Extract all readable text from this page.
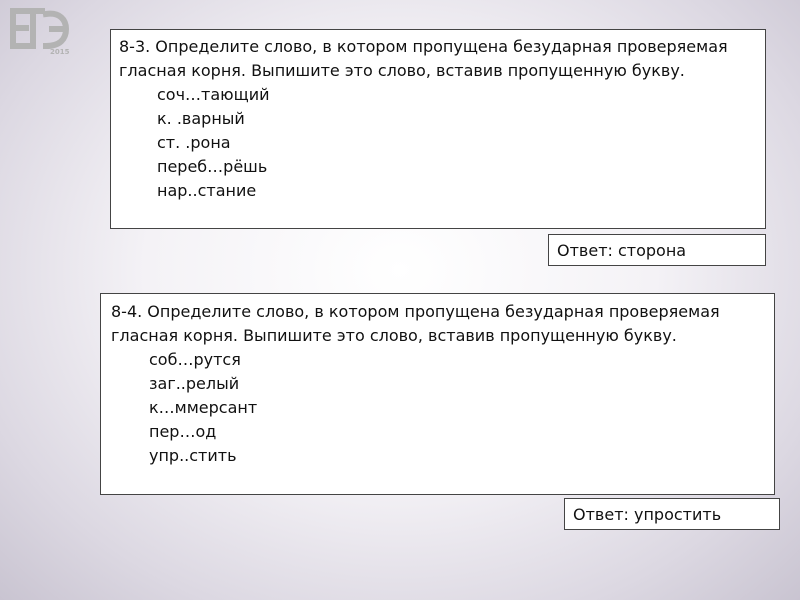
2015	8-3. Определите слово, в котором пропущена безударная проверяемая гласная корня. Выпишите это слово, вставив пропущенную букву.

соч…тающий
к. .варный
ст. .рона
переб…рёшь
нар..стание
Ответ: сторона

8-4. Определите слово, в котором пропущена безударная проверяемая гласная корня. Выпишите это слово, вставив пропущенную букву.

соб…рутся
заг..релый
к…ммерсант
пер…од
упр..стить
Ответ: упростить
